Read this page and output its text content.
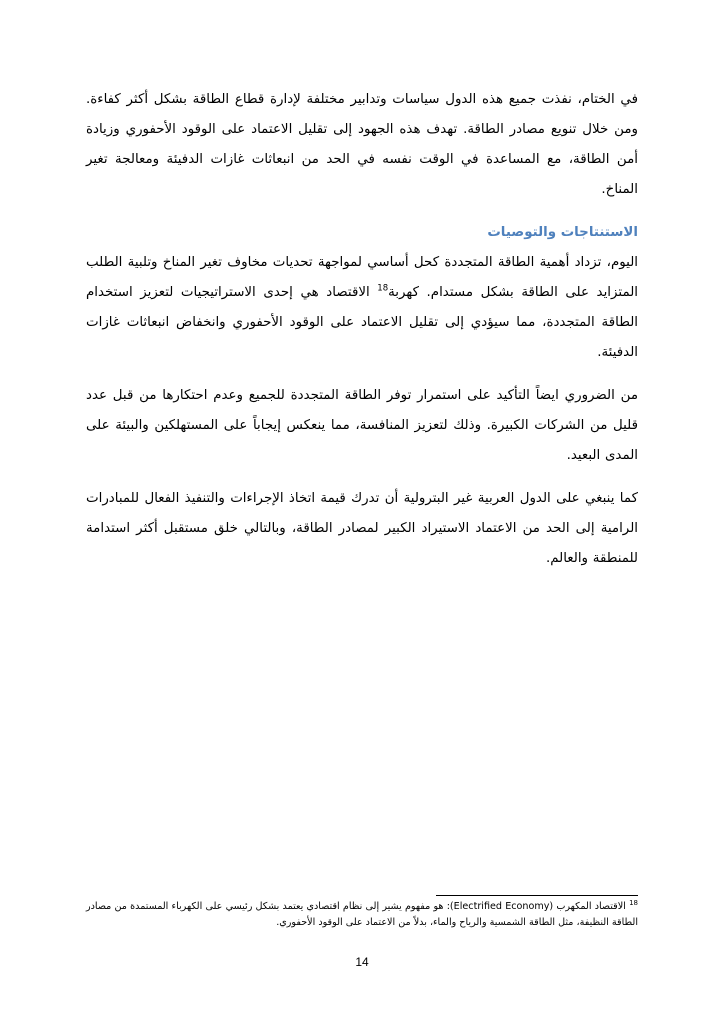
في الختام، نفذت جميع هذه الدول سياسات وتدابير مختلفة لإدارة قطاع الطاقة بشكل أكثر كفاءة. ومن خلال تنويع مصادر الطاقة. تهدف هذه الجهود إلى تقليل الاعتماد على الوقود الأحفوري وزيادة أمن الطاقة، مع المساعدة في الوقت نفسه في الحد من انبعاثات غازات الدفيئة ومعالجة تغير المناخ.

الاستنتاجات والتوصيات

اليوم، تزداد أهمية الطاقة المتجددة كحل أساسي لمواجهة تحديات مخاوف تغير المناخ وتلبية الطلب المتزايد على الطاقة بشكل مستدام. كهربة$^{18}$ الاقتصاد هي إحدى الاستراتيجيات لتعزيز استخدام الطاقة المتجددة، مما سيؤدي إلى تقليل الاعتماد على الوقود الأحفوري وانخفاض انبعاثات غازات الدفيئة.

من الضروري ايضاً التأكيد على استمرار توفر الطاقة المتجددة للجميع وعدم احتكارها من قبل عدد قليل من الشركات الكبيرة. وذلك لتعزيز المنافسة، مما ينعكس إيجاباً على المستهلكين والبيئة على المدى البعيد.

كما ينبغي على الدول العربية غير البترولية أن تدرك قيمة اتخاذ الإجراءات والتنفيذ الفعال للمبادرات الرامية إلى الحد من الاعتماد الاستيراد الكبير لمصادر الطاقة، وبالتالي خلق مستقبل أكثر استدامة للمنطقة والعالم.

$^{18}$ الاقتصاد المكهرب (Electrified Economy): هو مفهوم يشير إلى نظام اقتصادي يعتمد بشكل رئيسي على الكهرباء المستمدة من مصادر الطاقة النظيفة، مثل الطاقة الشمسية والرياح والماء، بدلاً من الاعتماد على الوقود الأحفوري.
14
